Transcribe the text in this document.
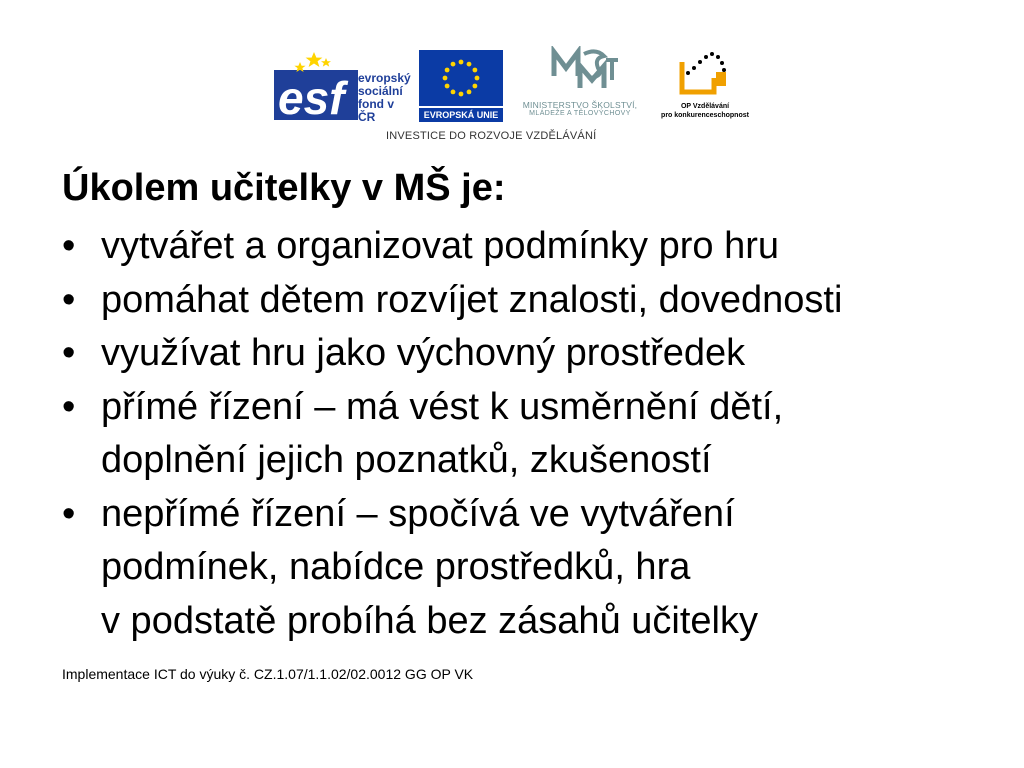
esf	evropský
sociální
fond v ČR	EVROPSKÁ UNIE
MINISTERSTVO ŠKOLSTVÍ,
MLÁDEŽE A TĚLOVÝCHOVY
OP Vzdělávání
pro konkurenceschopnost
INVESTICE DO ROZVOJE VZDĚLÁVÁNÍ
Úkolem učitelky v MŠ je:
• vytvářet a organizovat podmínky pro hru
• pomáhat dětem rozvíjet znalosti, dovednosti
• využívat hru jako výchovný prostředek
• přímé řízení – má vést k usměrnění dětí,
doplnění jejich poznatků, zkušeností
• nepřímé řízení – spočívá ve vytváření
podmínek, nabídce prostředků, hra
v podstatě probíhá bez zásahů učitelky

Implementace ICT do výuky č. CZ.1.07/1.1.02/02.0012 GG OP VK
